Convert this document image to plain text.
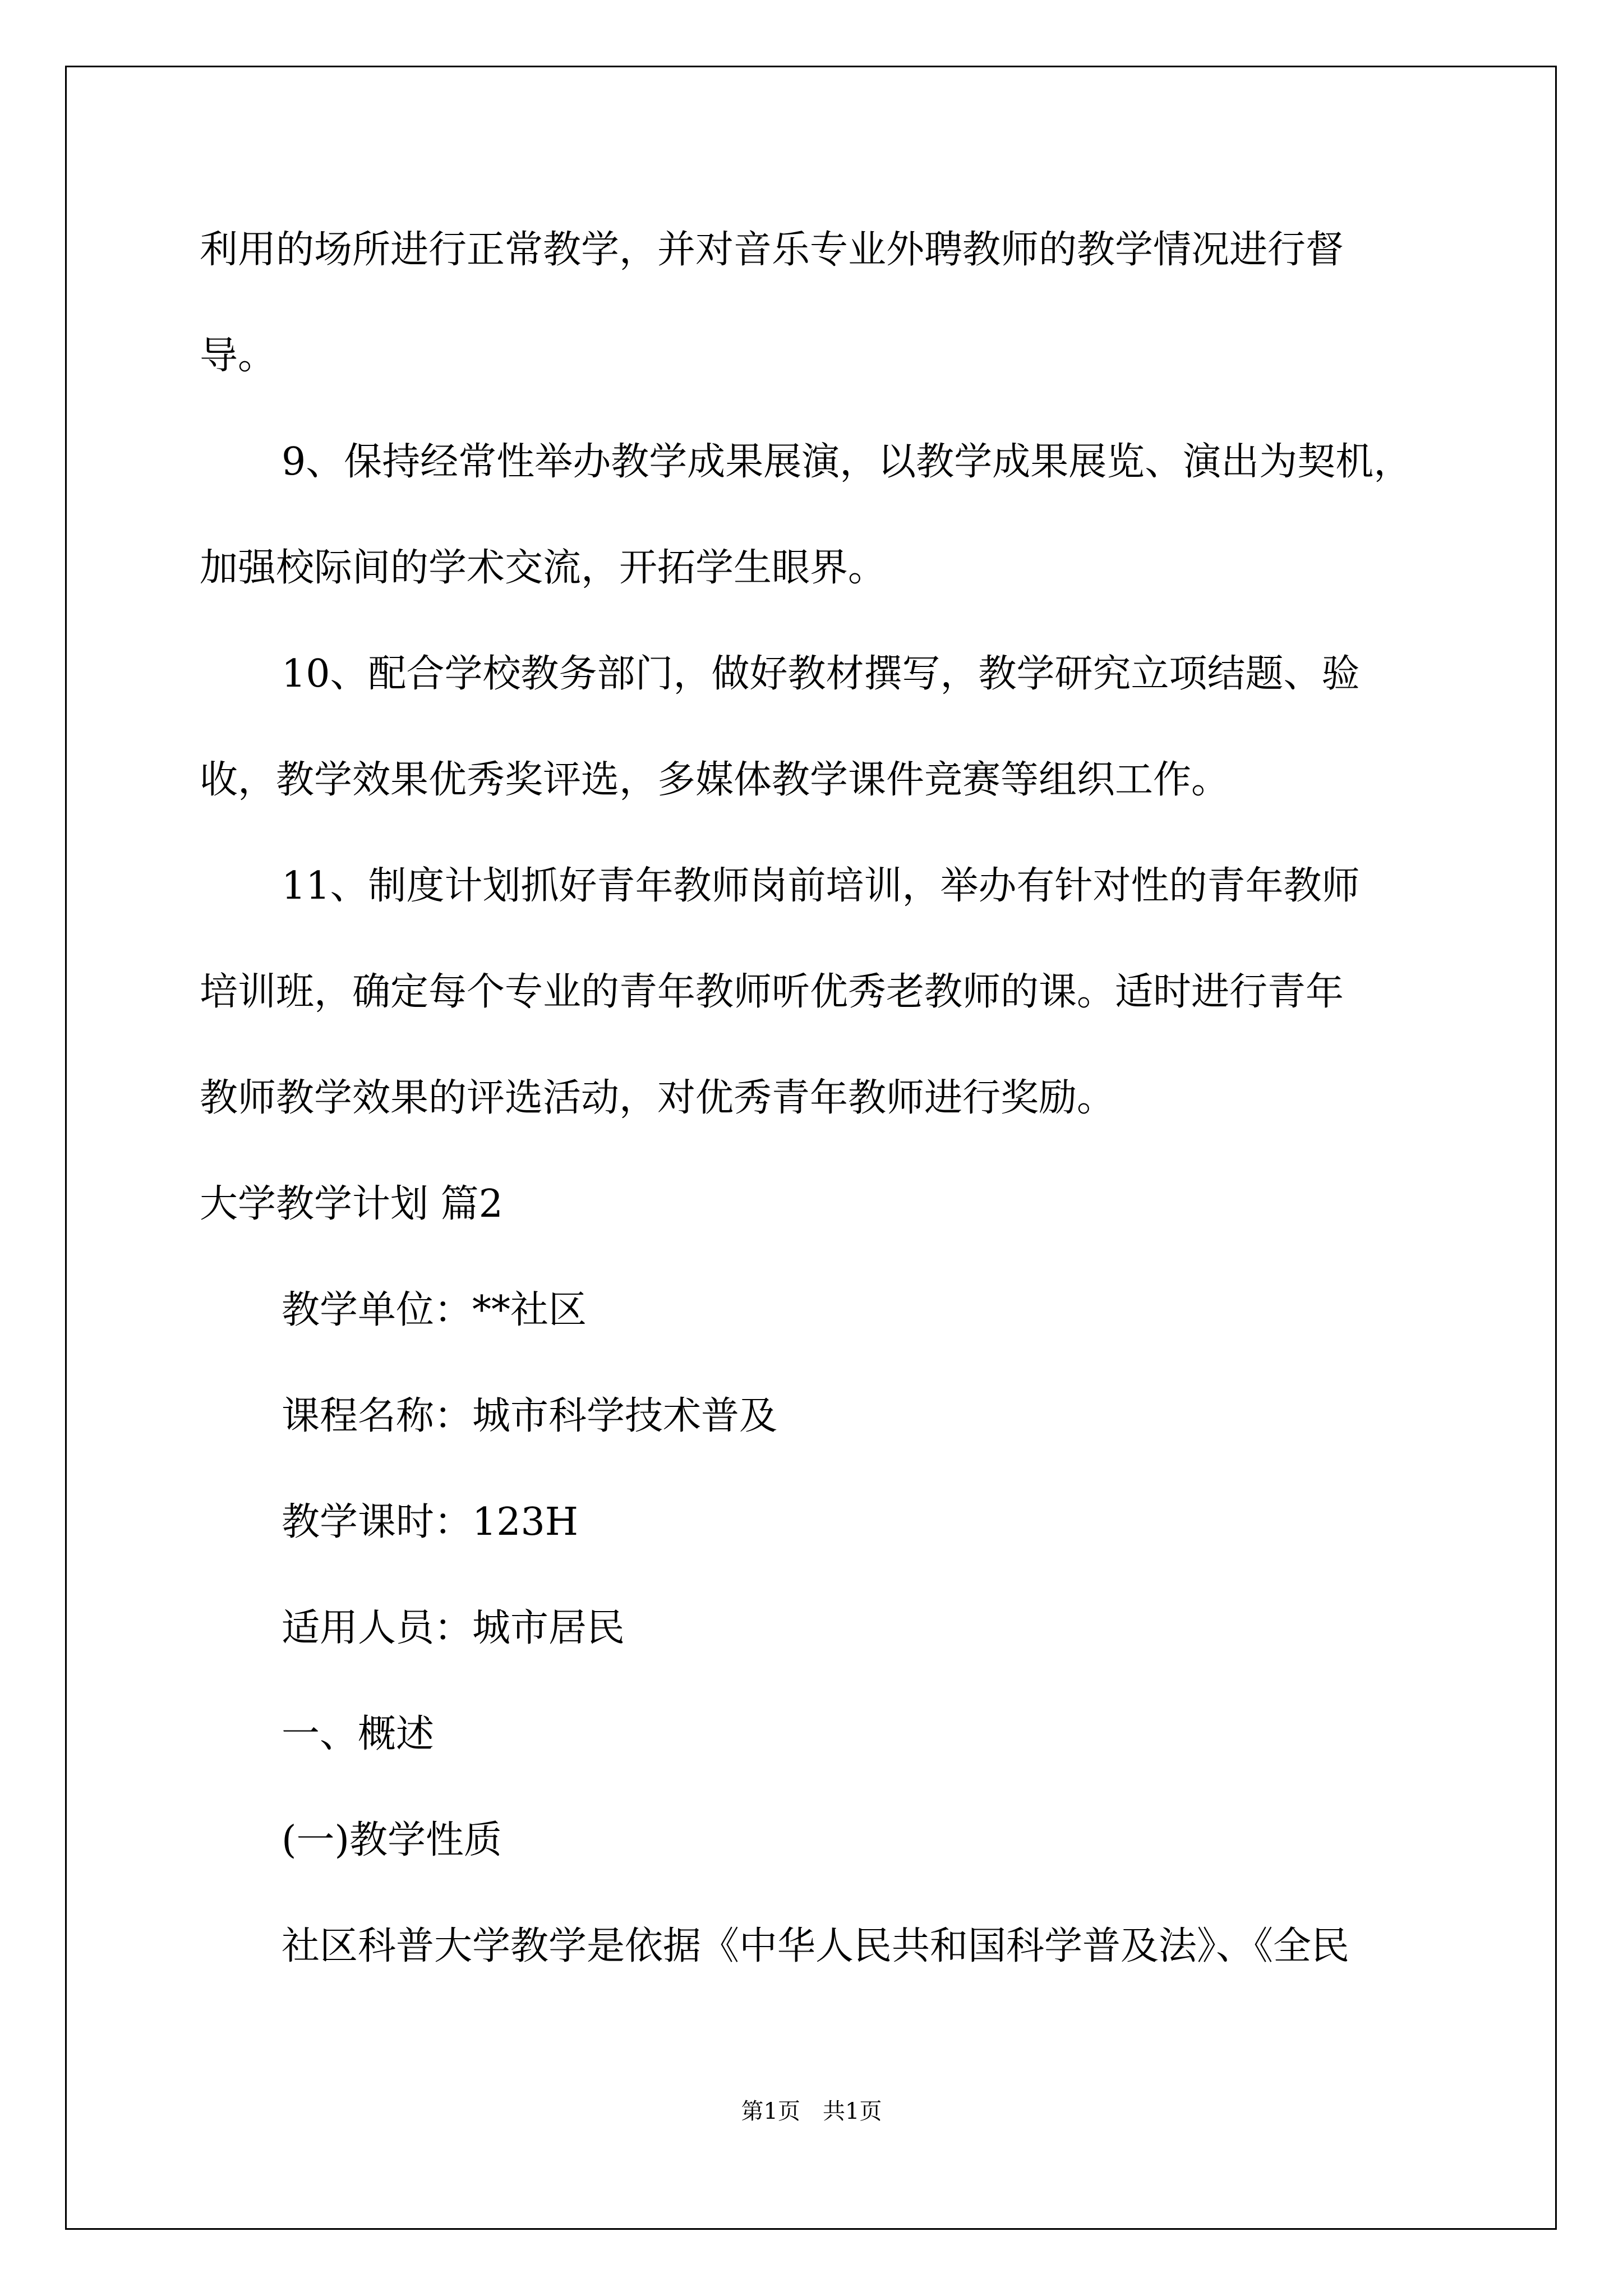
利用的场所进行正常教学，并对音乐专业外聘教师的教学情况进行督
导。
9、保持经常性举办教学成果展演，以教学成果展览、演出为契机，
加强校际间的学术交流，开拓学生眼界。
10、配合学校教务部门，做好教材撰写，教学研究立项结题、验
收，教学效果优秀奖评选，多媒体教学课件竞赛等组织工作。
11、制度计划抓好青年教师岗前培训，举办有针对性的青年教师
培训班，确定每个专业的青年教师听优秀老教师的课。适时进行青年
教师教学效果的评选活动，对优秀青年教师进行奖励。
大学教学计划 篇2
教学单位：**社区
课程名称：城市科学技术普及
教学课时：123H
适用人员：城市居民
一、概述
(一)教学性质
社区科普大学教学是依据《中华人民共和国科学普及法》、《全民
第1页　共1页
